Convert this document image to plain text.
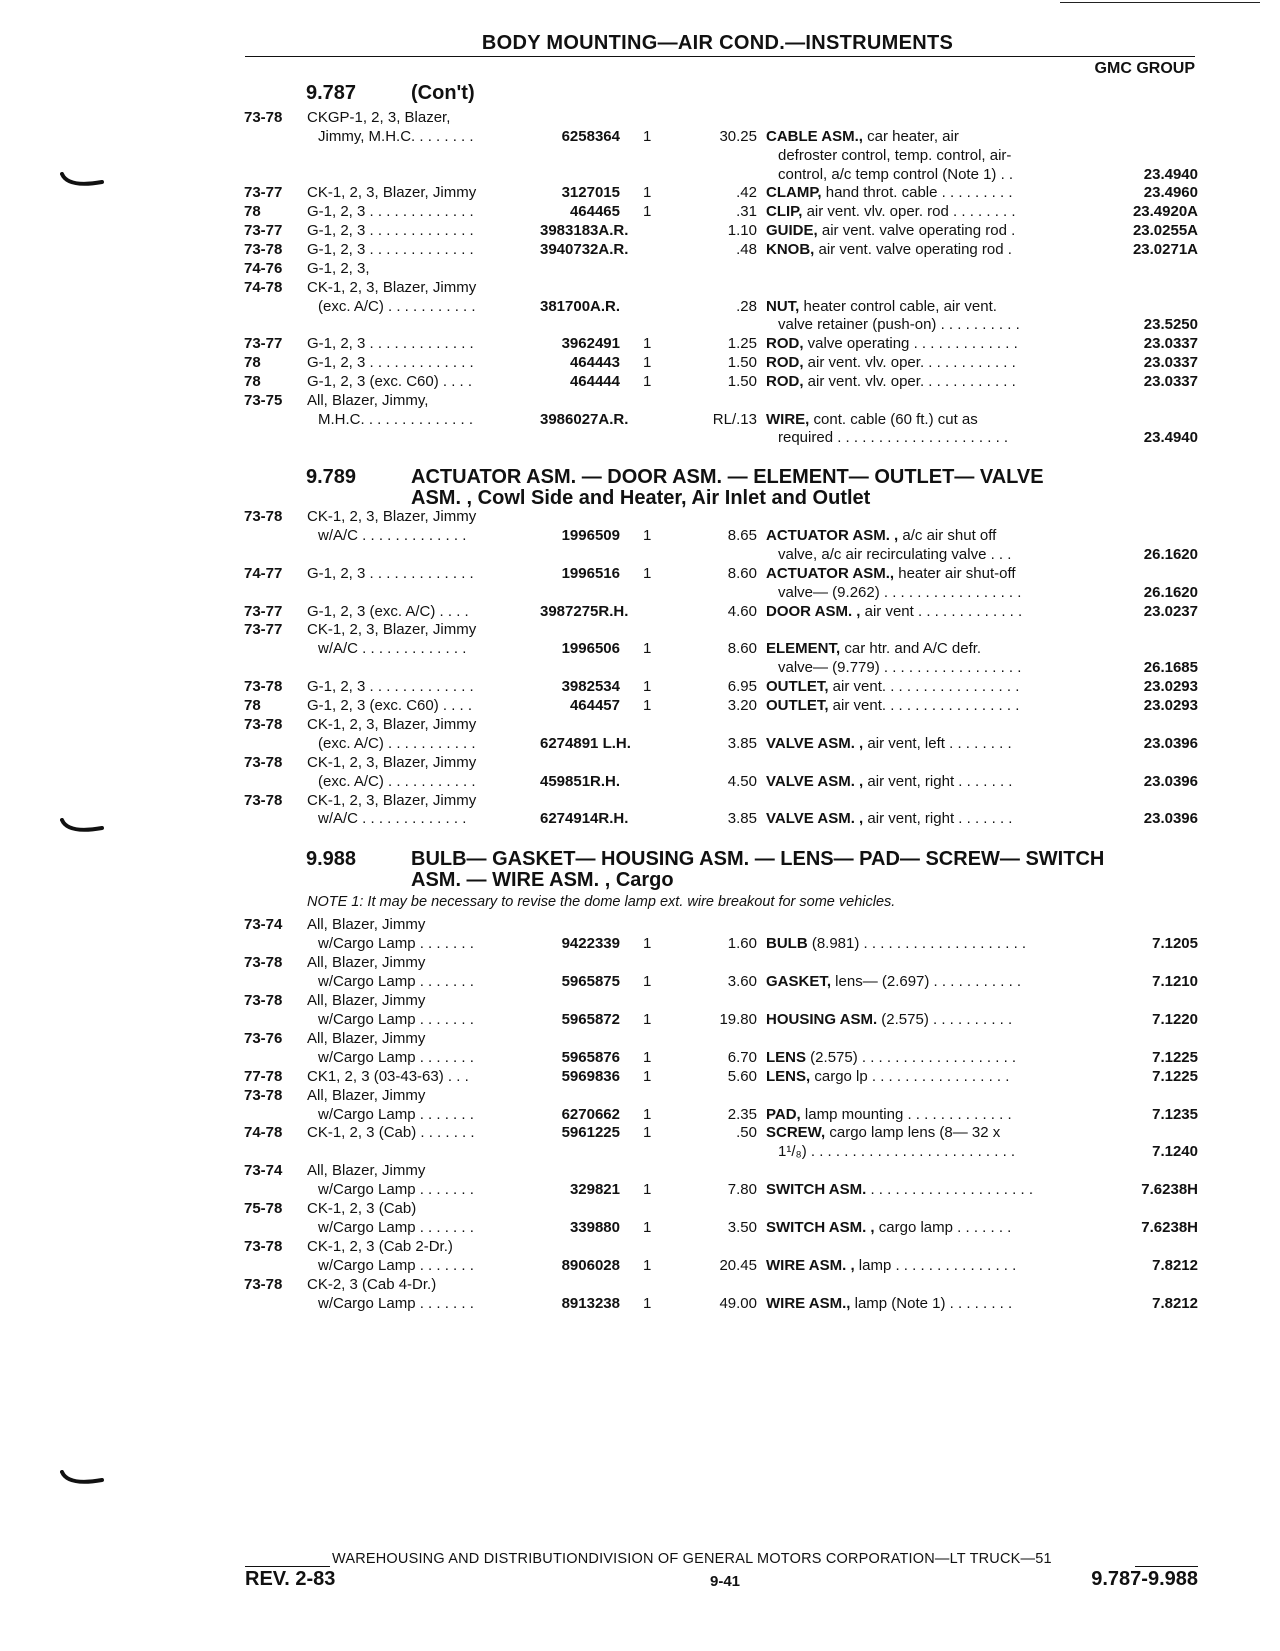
BODY MOUNTING—AIR COND.—INSTRUMENTS
GMC GROUP
9.787	(Con't)
9.789	ACTUATOR ASM. — DOOR ASM. — ELEMENT— OUTLET— VALVE
ASM. , Cowl Side and Heater, Air Inlet and Outlet
9.988	BULB— GASKET— HOUSING ASM. — LENS— PAD— SCREW— SWITCH
ASM. — WIRE ASM. , Cargo
NOTE 1: It may be necessary to revise the dome lamp ext. wire breakout for some vehicles.
73-78 CKGP-1, 2, 3, Blazer,
Jimmy, M.H.C. . . . . . . .	6258364 1	30.25 CABLE ASM., car heater, air
defroster control, temp. control, air-
control, a/c temp control (Note 1) . .	23.4940
73-77 CK-1, 2, 3, Blazer, Jimmy	3127015 1	.42 CLAMP, hand throt. cable . . . . . . . . .	23.4960
78	G-1, 2, 3 . . . . . . . . . . . . .	464465 1	.31 CLIP, air vent. vlv. oper. rod . . . . . . . .	23.4920A
73-77 G-1, 2, 3 . . . . . . . . . . . . .	3983183A.R.	1.10 GUIDE, air vent. valve operating rod .	23.0255A
73-78 G-1, 2, 3 . . . . . . . . . . . . .	3940732A.R.	.48 KNOB, air vent. valve operating rod .	23.0271A
74-76 G-1, 2, 3,
74-78 CK-1, 2, 3, Blazer, Jimmy
(exc. A/C) . . . . . . . . . . .	381700A.R.	.28 NUT, heater control cable, air vent.
valve retainer (push-on) . . . . . . . . . .	23.5250
73-77 G-1, 2, 3 . . . . . . . . . . . . .	3962491 1	1.25 ROD, valve operating . . . . . . . . . . . . .	23.0337
78	G-1, 2, 3 . . . . . . . . . . . . .	464443 1	1.50 ROD, air vent. vlv. oper. . . . . . . . . . . .	23.0337
78	G-1, 2, 3 (exc. C60) . . . .	464444 1	1.50 ROD, air vent. vlv. oper. . . . . . . . . . . .	23.0337
73-75 All, Blazer, Jimmy,
M.H.C. . . . . . . . . . . . . .	3986027A.R.	RL/.13 WIRE, cont. cable (60 ft.) cut as
required . . . . . . . . . . . . . . . . . . . . .	23.4940
73-78 CK-1, 2, 3, Blazer, Jimmy
w/A/C . . . . . . . . . . . . .	1996509 1	8.65 ACTUATOR ASM. , a/c air shut off
valve, a/c air recirculating valve . . .	26.1620
74-77 G-1, 2, 3 . . . . . . . . . . . . .	1996516 1	8.60 ACTUATOR ASM., heater air shut-off
valve— (9.262) . . . . . . . . . . . . . . . . .	26.1620
73-77 G-1, 2, 3 (exc. A/C) . . . .	3987275R.H.	4.60 DOOR ASM. , air vent . . . . . . . . . . . . .	23.0237
73-77 CK-1, 2, 3, Blazer, Jimmy
w/A/C . . . . . . . . . . . . .	1996506 1	8.60 ELEMENT, car htr. and A/C defr.
valve— (9.779) . . . . . . . . . . . . . . . . .	26.1685
73-78 G-1, 2, 3 . . . . . . . . . . . . .	3982534 1	6.95 OUTLET, air vent. . . . . . . . . . . . . . . . .	23.0293
78	G-1, 2, 3 (exc. C60) . . . .	464457 1	3.20 OUTLET, air vent. . . . . . . . . . . . . . . . .	23.0293
73-78 CK-1, 2, 3, Blazer, Jimmy
(exc. A/C) . . . . . . . . . . .	6274891 L.H.	3.85 VALVE ASM. , air vent, left . . . . . . . .	23.0396
73-78 CK-1, 2, 3, Blazer, Jimmy
(exc. A/C) . . . . . . . . . . .	459851R.H.	4.50 VALVE ASM. , air vent, right . . . . . . .	23.0396
73-78 CK-1, 2, 3, Blazer, Jimmy
w/A/C . . . . . . . . . . . . .	6274914R.H.	3.85 VALVE ASM. , air vent, right . . . . . . .	23.0396
73-74 All, Blazer, Jimmy
w/Cargo Lamp . . . . . . .	9422339 1	1.60 BULB (8.981) . . . . . . . . . . . . . . . . . . . .	7.1205
73-78 All, Blazer, Jimmy
w/Cargo Lamp . . . . . . .	5965875 1	3.60 GASKET, lens— (2.697) . . . . . . . . . . .	7.1210
73-78 All, Blazer, Jimmy
w/Cargo Lamp . . . . . . .	5965872 1	19.80 HOUSING ASM. (2.575) . . . . . . . . . .	7.1220
73-76 All, Blazer, Jimmy
w/Cargo Lamp . . . . . . .	5965876 1	6.70 LENS (2.575) . . . . . . . . . . . . . . . . . . .	7.1225
77-78 CK1, 2, 3 (03-43-63) . . .	5969836 1	5.60 LENS, cargo lp . . . . . . . . . . . . . . . . .	7.1225
73-78 All, Blazer, Jimmy
w/Cargo Lamp . . . . . . .	6270662 1	2.35 PAD, lamp mounting . . . . . . . . . . . . .	7.1235
74-78 CK-1, 2, 3 (Cab) . . . . . . .	5961225 1	.50 SCREW, cargo lamp lens (8— 32 x
1¹/₈) . . . . . . . . . . . . . . . . . . . . . . . . .	7.1240
73-74 All, Blazer, Jimmy
w/Cargo Lamp . . . . . . .	329821 1	7.80 SWITCH ASM. . . . . . . . . . . . . . . . . . . . .	7.6238H
75-78 CK-1, 2, 3 (Cab)
w/Cargo Lamp . . . . . . .	339880 1	3.50 SWITCH ASM. , cargo lamp . . . . . . .	7.6238H
73-78 CK-1, 2, 3 (Cab 2-Dr.)
w/Cargo Lamp . . . . . . .	8906028 1	20.45 WIRE ASM. , lamp . . . . . . . . . . . . . . .	7.8212
73-78 CK-2, 3 (Cab 4-Dr.)
w/Cargo Lamp . . . . . . .	8913238 1	49.00 WIRE ASM., lamp (Note 1) . . . . . . . .	7.8212
WAREHOUSING AND DISTRIBUTIONDIVISION OF GENERAL MOTORS CORPORATION—LT TRUCK—51
REV. 2-83	9-41	9.787-9.988
